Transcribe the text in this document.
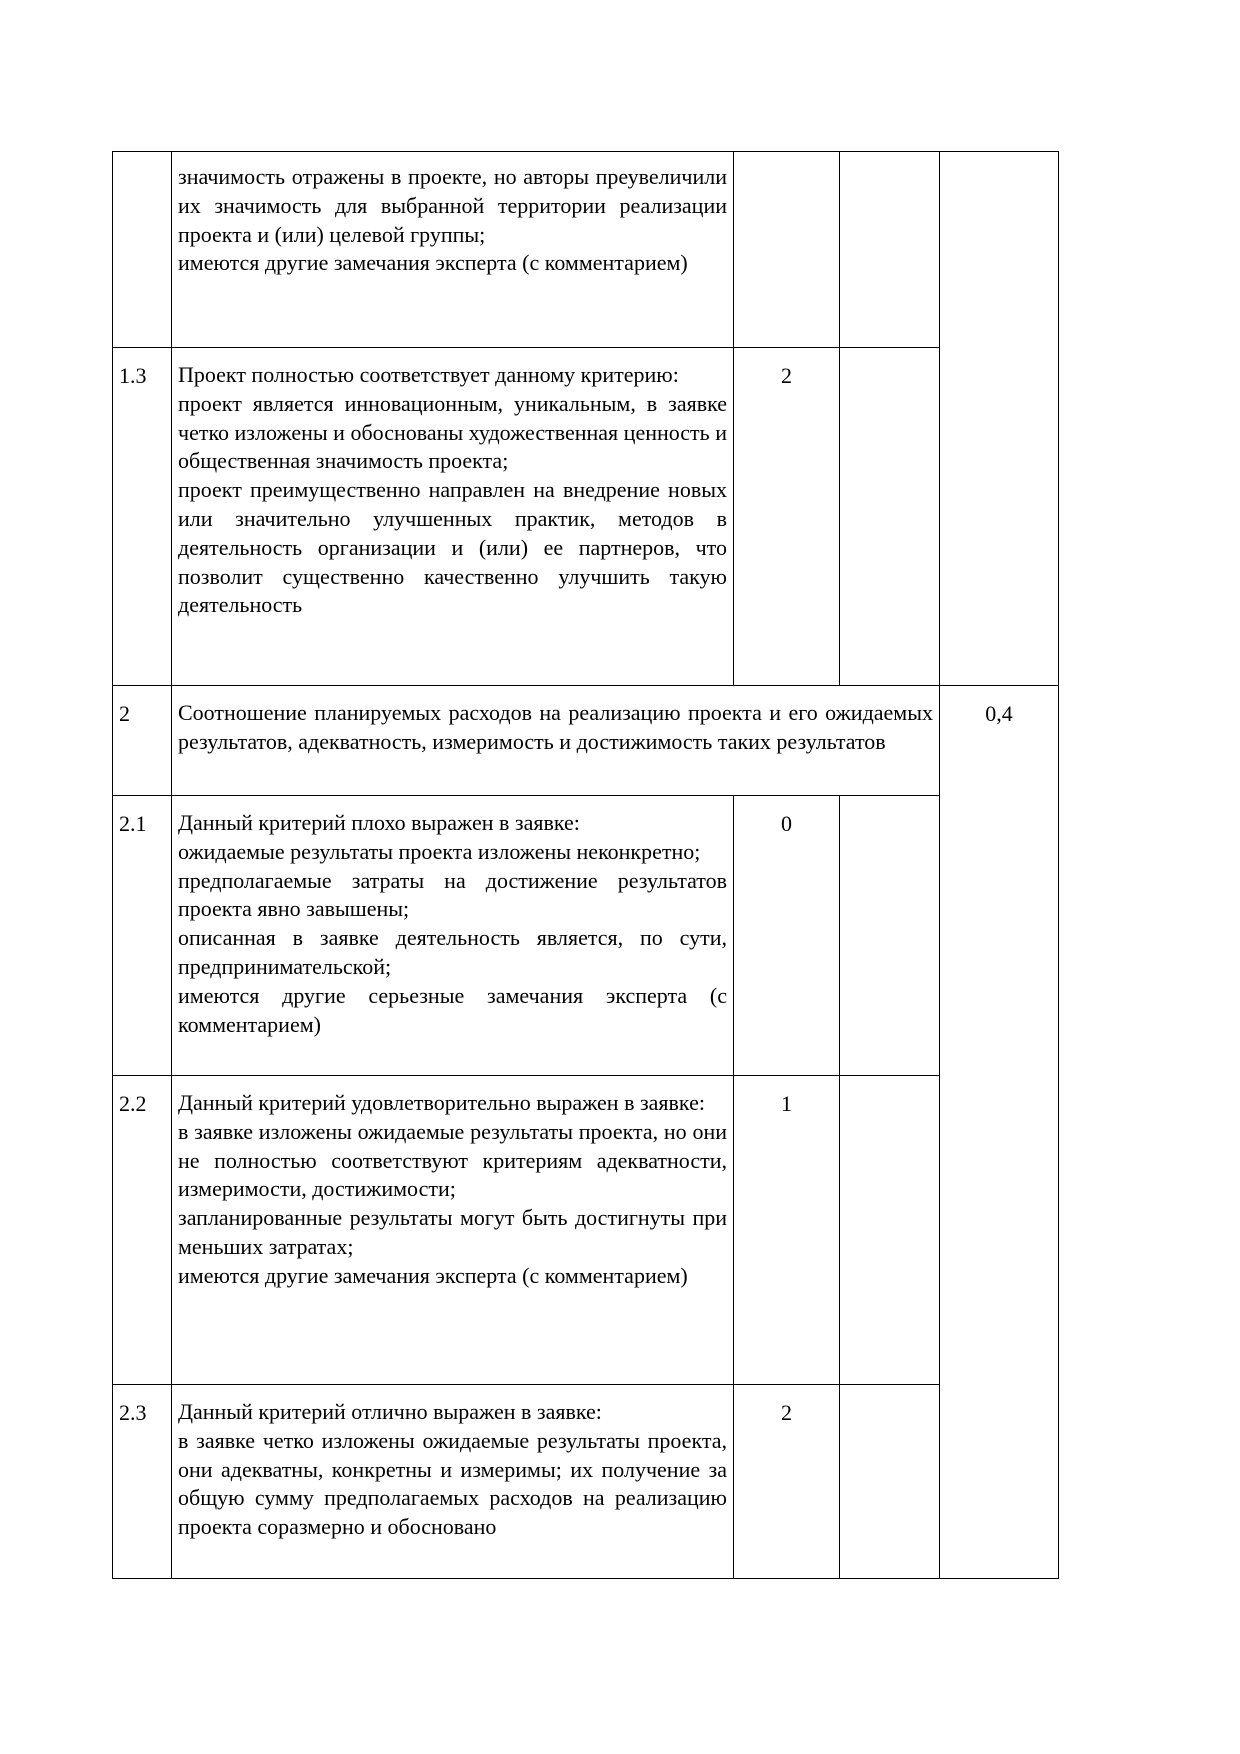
	значимость отражены в проекте, но авторы преувеличили их значимость для выбранной территории реализации проекта и (или) целевой группы;
имеются другие замечания эксперта (с комментарием)			

1.3	Проект полностью соответствует данному критерию:
проект является инновационным, уникальным, в заявке четко изложены и обоснованы художественная ценность и общественная значимость проекта;
проект преимущественно направлен на внедрение новых или значительно улучшенных практик, методов в деятельность организации и (или) ее партнеров, что позволит существенно качественно улучшить такую деятельность	2		
2	Соотношение планируемых расходов на реализацию проекта и его ожидаемых результатов, адекватность, измеримость и достижимость таких результатов			0,4
2.1	Данный критерий плохо выражен в заявке:
ожидаемые результаты проекта изложены неконкретно;
предполагаемые затраты на достижение результатов проекта явно завышены;
описанная в заявке деятельность является, по сути, предпринимательской;
имеются другие серьезные замечания эксперта (с комментарием)	0		
2.2	Данный критерий удовлетворительно выражен в заявке:
в заявке изложены ожидаемые результаты проекта, но они не полностью соответствуют критериям адекватности, измеримости, достижимости;
запланированные результаты могут быть достигнуты при меньших затратах;
имеются другие замечания эксперта (с комментарием)	1		
2.3	Данный критерий отлично выражен в заявке:
в заявке четко изложены ожидаемые результаты проекта, они адекватны, конкретны и измеримы; их получение за общую сумму предполагаемых расходов на реализацию проекта соразмерно и обосновано	2		
